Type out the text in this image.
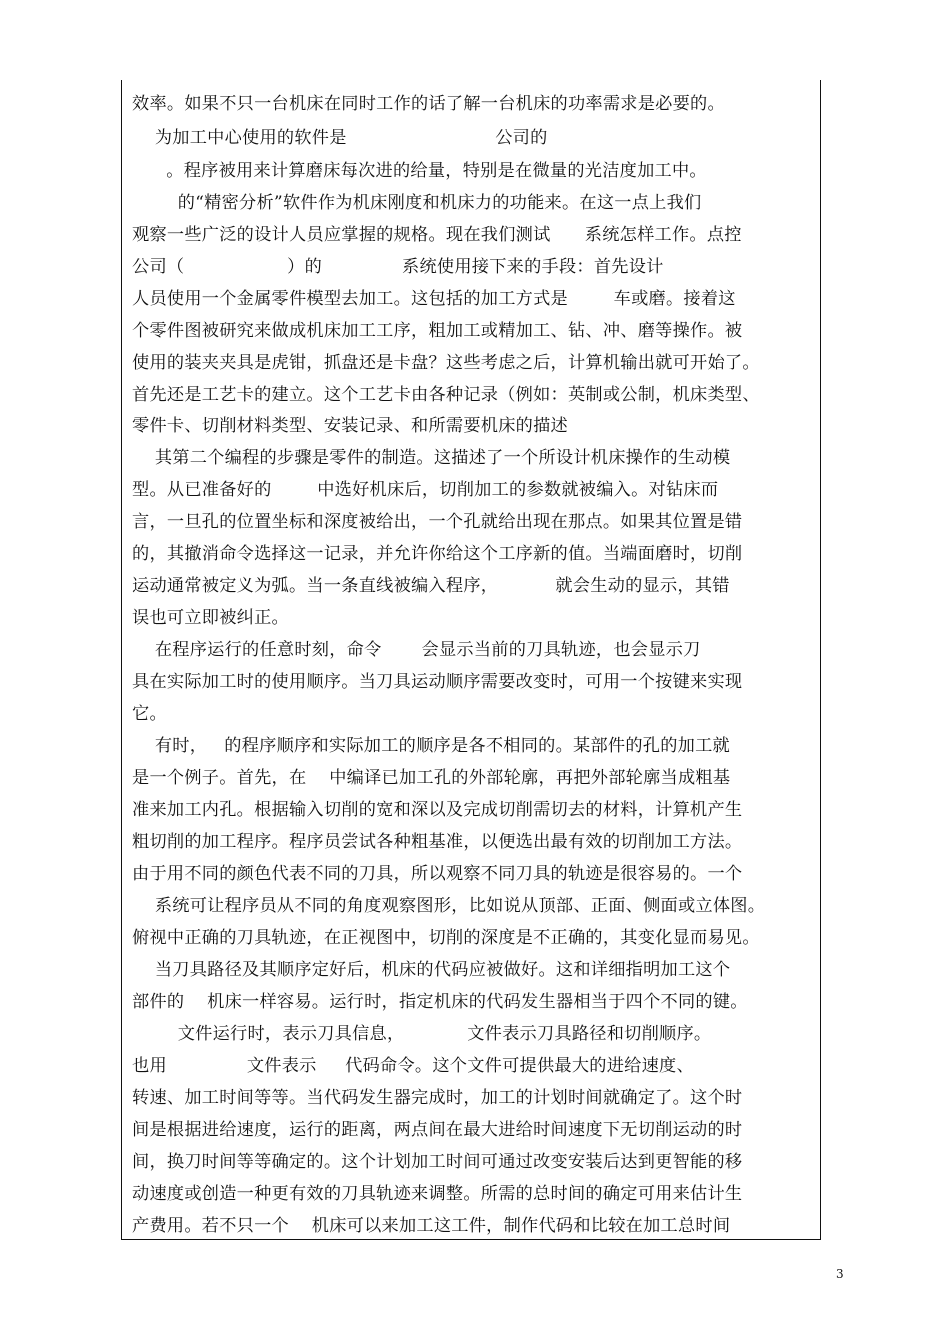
效率。如果不只一台机床在同时工作的话了解一台机床的功率需求是必要的。
为加工中心使用的软件是                          公司的
。程序被用来计算磨床每次进的给量，特别是在微量的光洁度加工中。
的“精密分析”软件作为机床刚度和机床力的功能来。在这一点上我们
观察一些广泛的设计人员应掌握的规格。现在我们测试      系统怎样工作。点控
公司（                  ）的              系统使用接下来的手段：首先设计
人员使用一个金属零件模型去加工。这包括的加工方式是        车或磨。接着这
个零件图被研究来做成机床加工工序，粗加工或精加工、钻、冲、磨等操作。被
使用的装夹夹具是虎钳，抓盘还是卡盘？这些考虑之后，计算机输出就可开始了。
首先还是工艺卡的建立。这个工艺卡由各种记录（例如：英制或公制，机床类型、
零件卡、切削材料类型、安装记录、和所需要机床的描述
其第二个编程的步骤是零件的制造。这描述了一个所设计机床操作的生动模
型。从已准备好的        中选好机床后，切削加工的参数就被编入。对钻床而
言，一旦孔的位置坐标和深度被给出，一个孔就给出现在那点。如果其位置是错
的，其撤消命令选择这一记录，并允许你给这个工序新的值。当端面磨时，切削
运动通常被定义为弧。当一条直线被编入程序，          就会生动的显示，其错
误也可立即被纠正。
在程序运行的任意时刻，命令       会显示当前的刀具轨迹，也会显示刀
具在实际加工时的使用顺序。当刀具运动顺序需要改变时，可用一个按键来实现
它。
有时，   的程序顺序和实际加工的顺序是各不相同的。某部件的孔的加工就
是一个例子。首先，在    中编译已加工孔的外部轮廓，再把外部轮廓当成粗基
准来加工内孔。根据输入切削的宽和深以及完成切削需切去的材料，计算机产生
粗切削的加工程序。程序员尝试各种粗基准，以便选出最有效的切削加工方法。
由于用不同的颜色代表不同的刀具，所以观察不同刀具的轨迹是很容易的。一个
系统可让程序员从不同的角度观察图形，比如说从顶部、正面、侧面或立体图。
俯视中正确的刀具轨迹，在正视图中，切削的深度是不正确的，其变化显而易见。
当刀具路径及其顺序定好后，机床的代码应被做好。这和详细指明加工这个
部件的    机床一样容易。运行时，指定机床的代码发生器相当于四个不同的键。
文件运行时，表示刀具信息，           文件表示刀具路径和切削顺序。
也用              文件表示     代码命令。这个文件可提供最大的进给速度、
转速、加工时间等等。当代码发生器完成时，加工的计划时间就确定了。这个时
间是根据进给速度，运行的距离，两点间在最大进给时间速度下无切削运动的时
间，换刀时间等等确定的。这个计划加工时间可通过改变安装后达到更智能的移
动速度或创造一种更有效的刀具轨迹来调整。所需的总时间的确定可用来估计生
产费用。若不只一个    机床可以来加工这工件，制作代码和比较在加工总时间
3
